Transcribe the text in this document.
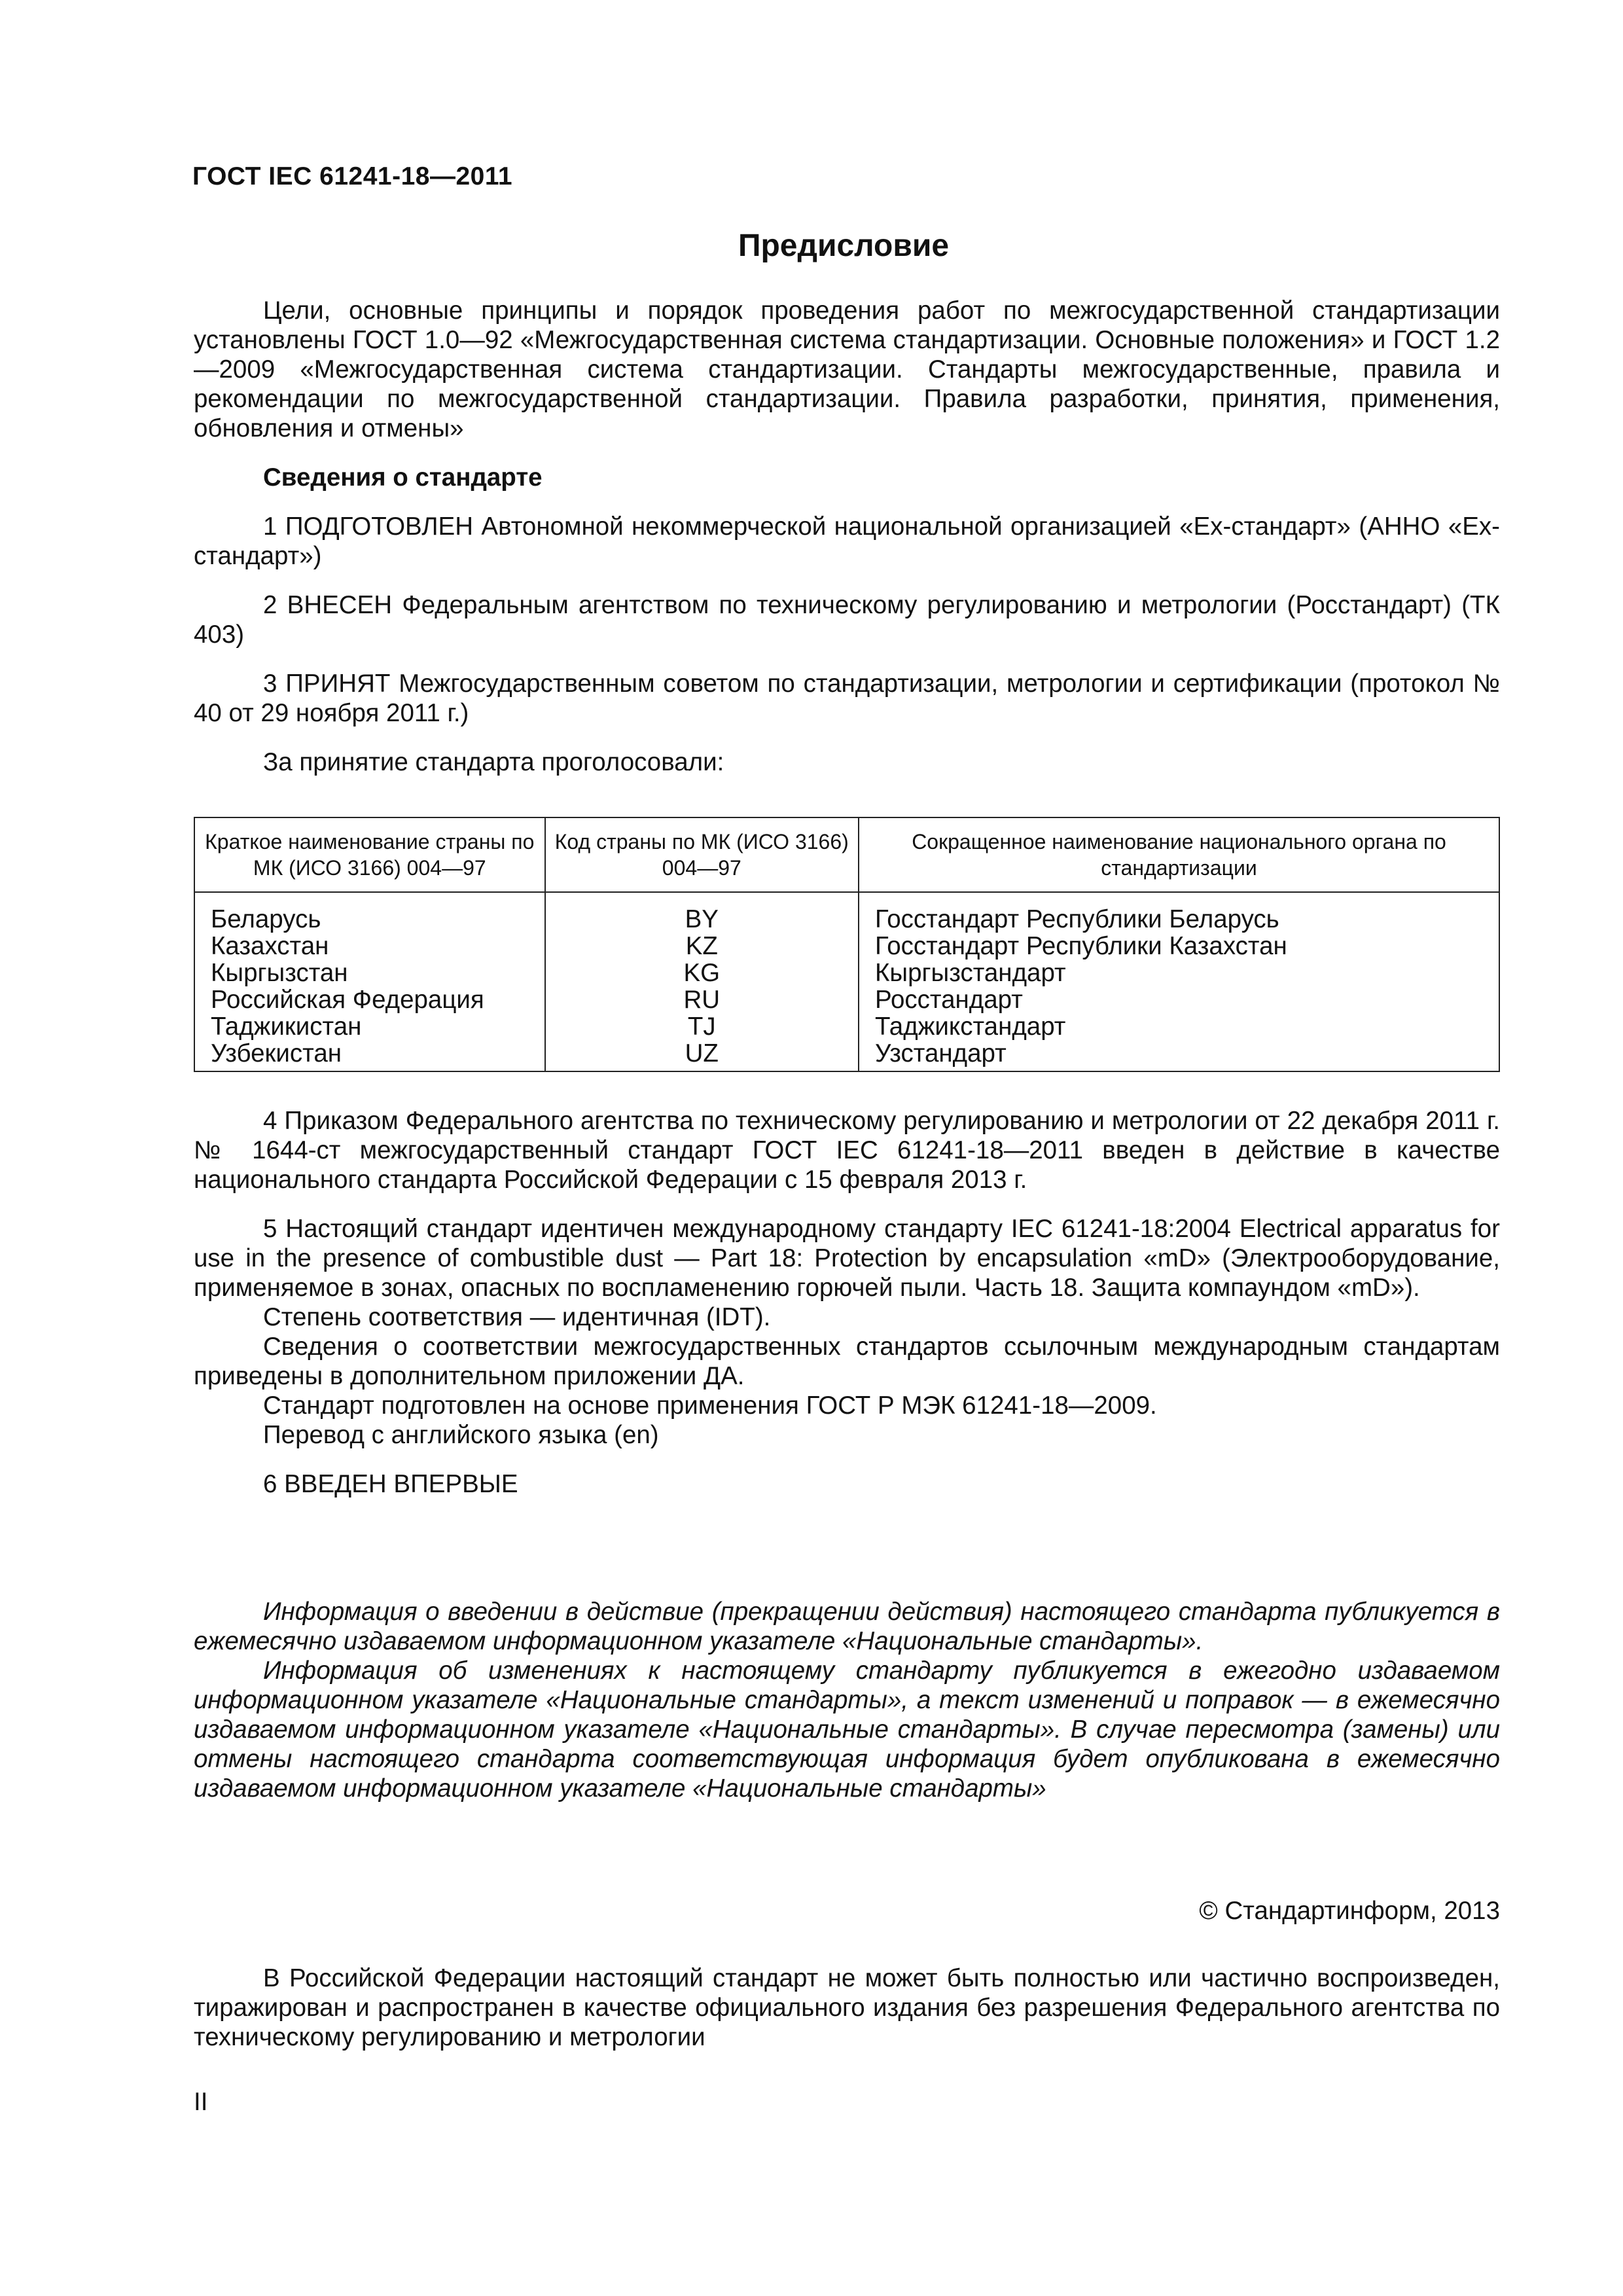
ГОСТ IEC 61241-18—2011
Предисловие

Цели, основные принципы и порядок проведения работ по межгосударственной стандартизации установлены ГОСТ 1.0—92 «Межгосударственная система стандартизации. Основные положения» и ГОСТ 1.2—2009 «Межгосударственная система стандартизации. Стандарты межгосударственные, правила и рекомендации по межгосударственной стандартизации. Правила разработки, принятия, применения, обновления и отмены»

Сведения о стандарте

1 ПОДГОТОВЛЕН Автономной некоммерческой национальной организацией «Ех-стандарт» (АННО «Ех-стандарт»)

2 ВНЕСЕН Федеральным агентством по техническому регулированию и метрологии (Росстандарт) (ТК 403)

3 ПРИНЯТ Межгосударственным советом по стандартизации, метрологии и сертификации (протокол № 40 от 29 ноября 2011 г.)

За принятие стандарта проголосовали:

Краткое наименование страны по МК (ИСО 3166) 004—97	Код страны по МК (ИСО 3166) 004—97	Сокращенное наименование национального органа по стандартизации
Беларусь	BY	Госстандарт Республики Беларусь
Казахстан	KZ	Госстандарт Республики Казахстан
Кыргызстан	KG	Кыргызстандарт
Российская Федерация	RU	Росстандарт
Таджикистан	TJ	Таджикстандарт
Узбекистан	UZ	Узстандарт

4 Приказом Федерального агентства по техническому регулированию и метрологии от 22 декабря 2011 г. № 1644-ст межгосударственный стандарт ГОСТ IEC 61241-18—2011 введен в действие в качестве национального стандарта Российской Федерации с 15 февраля 2013 г.

5 Настоящий стандарт идентичен международному стандарту IEC 61241-18:2004 Electrical apparatus for use in the presence of combustible dust — Part 18: Protection by encapsulation «mD» (Электрооборудование, применяемое в зонах, опасных по воспламенению горючей пыли. Часть 18. Защита компаундом «mD»).

Степень соответствия — идентичная (IDT).

Сведения о соответствии межгосударственных стандартов ссылочным международным стандартам приведены в дополнительном приложении ДА.

Стандарт подготовлен на основе применения ГОСТ Р МЭК 61241-18—2009.

Перевод с английского языка (en)

6 ВВЕДЕН ВПЕРВЫЕ

Информация о введении в действие (прекращении действия) настоящего стандарта публикуется в ежемесячно издаваемом информационном указателе «Национальные стандарты».

Информация об изменениях к настоящему стандарту публикуется в ежегодно издаваемом информационном указателе «Национальные стандарты», а текст изменений и поправок — в ежемесячно издаваемом информационном указателе «Национальные стандарты». В случае пересмотра (замены) или отмены настоящего стандарта соответствующая информация будет опубликована в ежемесячно издаваемом информационном указателе «Национальные стандарты»

© Стандартинформ, 2013

В Российской Федерации настоящий стандарт не может быть полностью или частично воспроизведен, тиражирован и распространен в качестве официального издания без разрешения Федерального агентства по техническому регулированию и метрологии

II
